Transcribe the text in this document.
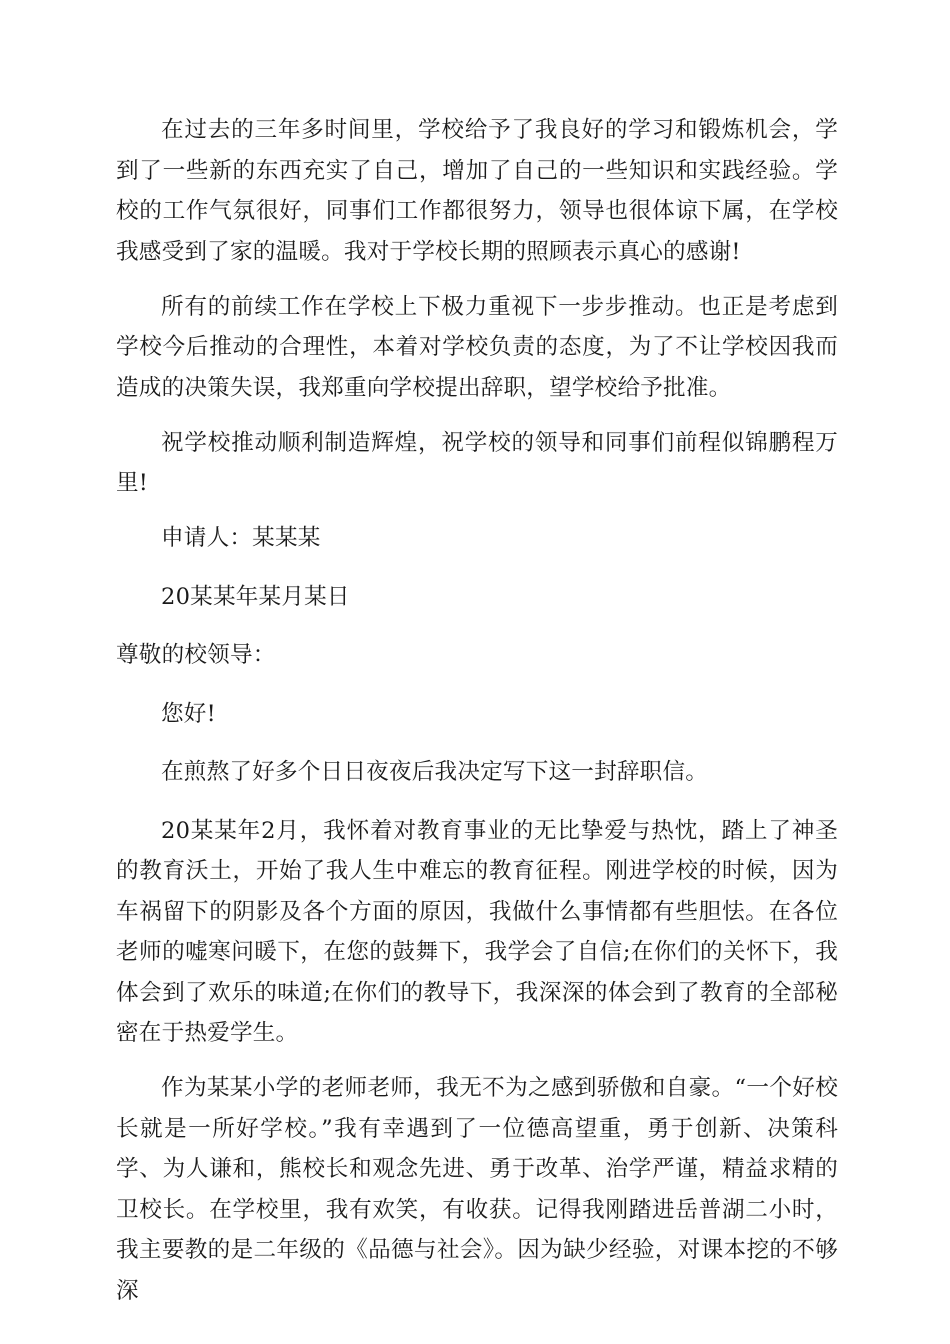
在过去的三年多时间里，学校给予了我良好的学习和锻炼机会，学到了一些新的东西充实了自己，增加了自己的一些知识和实践经验。学校的工作气氛很好，同事们工作都很努力，领导也很体谅下属，在学校我感受到了家的温暖。我对于学校长期的照顾表示真心的感谢!

所有的前续工作在学校上下极力重视下一步步推动。也正是考虑到学校今后推动的合理性，本着对学校负责的态度，为了不让学校因我而造成的决策失误，我郑重向学校提出辞职，望学校给予批准。

祝学校推动顺利制造辉煌，祝学校的领导和同事们前程似锦鹏程万里!

申请人：某某某

20某某年某月某日

尊敬的校领导：

您好!

在煎熬了好多个日日夜夜后我决定写下这一封辞职信。

20某某年2月，我怀着对教育事业的无比挚爱与热忱，踏上了神圣的教育沃土，开始了我人生中难忘的教育征程。刚进学校的时候，因为车祸留下的阴影及各个方面的原因，我做什么事情都有些胆怯。在各位老师的嘘寒问暖下，在您的鼓舞下，我学会了自信;在你们的关怀下，我体会到了欢乐的味道;在你们的教导下，我深深的体会到了教育的全部秘密在于热爱学生。

作为某某小学的老师老师，我无不为之感到骄傲和自豪。“一个好校长就是一所好学校。”我有幸遇到了一位德高望重，勇于创新、决策科学、为人谦和，熊校长和观念先进、勇于改革、治学严谨，精益求精的卫校长。在学校里，我有欢笑，有收获。记得我刚踏进岳普湖二小时，我主要教的是二年级的《品德与社会》。因为缺少经验，对课本挖的不够深
